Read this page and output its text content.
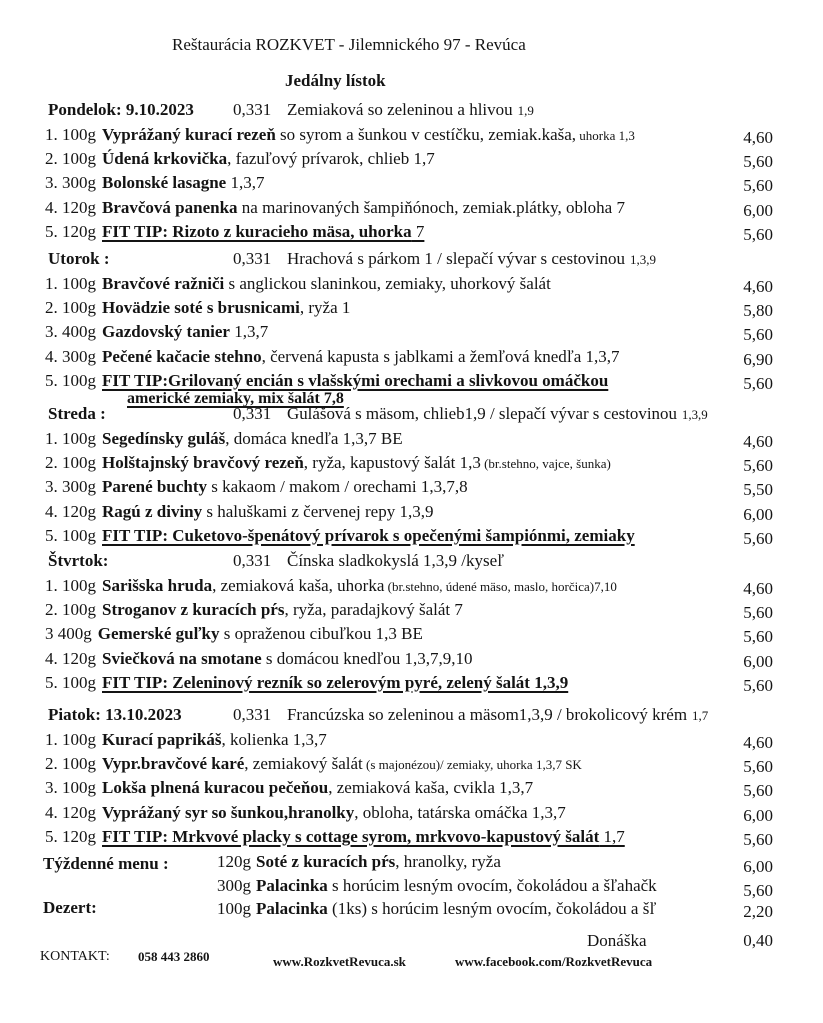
Reštaurácia ROZKVET - Jilemnického 97 - Revúca
Jedálny lístok
Pondelok: 9.10.2023 0,331 Zemiaková so zeleninou a hlivou 1,9
1. 100g Vyprážaný kurací rezeň so syrom a šunkou v cestíčku, zemiak.kaša, uhorka 1,3	4,60
2. 100g Údená krkovička, fazuľový prívarok, chlieb 1,7	5,60
3. 300g Bolonské lasagne 1,3,7	5,60
4. 120g Bravčová panenka na marinovaných šampiňónoch, zemiak.plátky, obloha 7	6,00
5. 120g FIT TIP: Rizoto z kuracieho mäsa, uhorka 7	5,60
Utorok :	0,331 Hrachová s párkom 1 / slepačí vývar s cestovinou 1,3,9
1. 100g Bravčové ražniči s anglickou slaninkou, zemiaky, uhorkový šalát	4,60
2. 100g Hovädzie soté s brusnicami, ryža 1	5,80
3. 400g Gazdovský tanier 1,3,7	5,60
4. 300g Pečené kačacie stehno, červená kapusta s jablkami a žemľová knedľa 1,3,7	6,90
5. 100g FIT TIP:Grilovaný encián s vlašskými orechami a slivkovou omáčkou	5,60
americké zemiaky, mix šalát 7,8
Streda :	0,331 Gulášová s mäsom, chlieb1,9 / slepačí vývar s cestovinou 1,3,9
1. 100g Segedínsky guláš, domáca knedľa 1,3,7 BE	4,60
2. 100g Holštajnský bravčový rezeň, ryža, kapustový šalát 1,3 (br.stehno, vajce, šunka)	5,60
3. 300g Parené buchty s kakaom / makom / orechami 1,3,7,8	5,50
4. 120g Ragú z diviny s haluškami z červenej repy 1,3,9	6,00
5. 100g FIT TIP: Cuketovo-špenátový prívarok s opečenými šampiónmi, zemiaky	5,60
Štvrtok:	0,331 Čínska sladkokyslá 1,3,9 /kyseľ
1. 100g Sarišska hruda, zemiaková kaša, uhorka (br.stehno, údené mäso, maslo, horčica)7,10	4,60
2. 100g Stroganov z kuracích pŕs, ryža, paradajkový šalát 7	5,60
3 400g Gemerské guľky s opraženou cibuľkou 1,3 BE	5,60
4. 120g Sviečková na smotane s domácou knedľou 1,3,7,9,10	6,00
5. 100g FIT TIP: Zeleninový rezník so zelerovým pyré, zelený šalát 1,3,9	5,60
Piatok: 13.10.2023	0,331 Francúzska so zeleninou a mäsom1,3,9 / brokolicový krém 1,7
1. 100g Kurací paprikáš, kolienka 1,3,7	4,60
2. 100g Vypr.bravčové karé, zemiakový šalát (s majonézou)/ zemiaky, uhorka 1,3,7 SK	5,60
3. 100g Lokša plnená kuracou pečeňou, zemiaková kaša, cvikla 1,3,7	5,60
4. 120g Vyprážaný syr so šunkou,hranolky, obloha, tatárska omáčka 1,3,7	6,00
5. 120g FIT TIP: Mrkvové placky s cottage syrom, mrkvovo-kapustový šalát 1,7	5,60
Týždenné menu :	120g Soté z kuracích pŕs, hranolky, ryža	6,00
300g Palacinka s horúcim lesným ovocím, čokoládou a šľahačk	5,60
Dezert:	100g Palacinka (1ks) s horúcim lesným ovocím, čokoládou a šľ	2,20
Donáška	0,40
KONTAKT: 058 443 2860	www.RozkvetRevuca.sk	www.facebook.com/RozkvetRevuca
